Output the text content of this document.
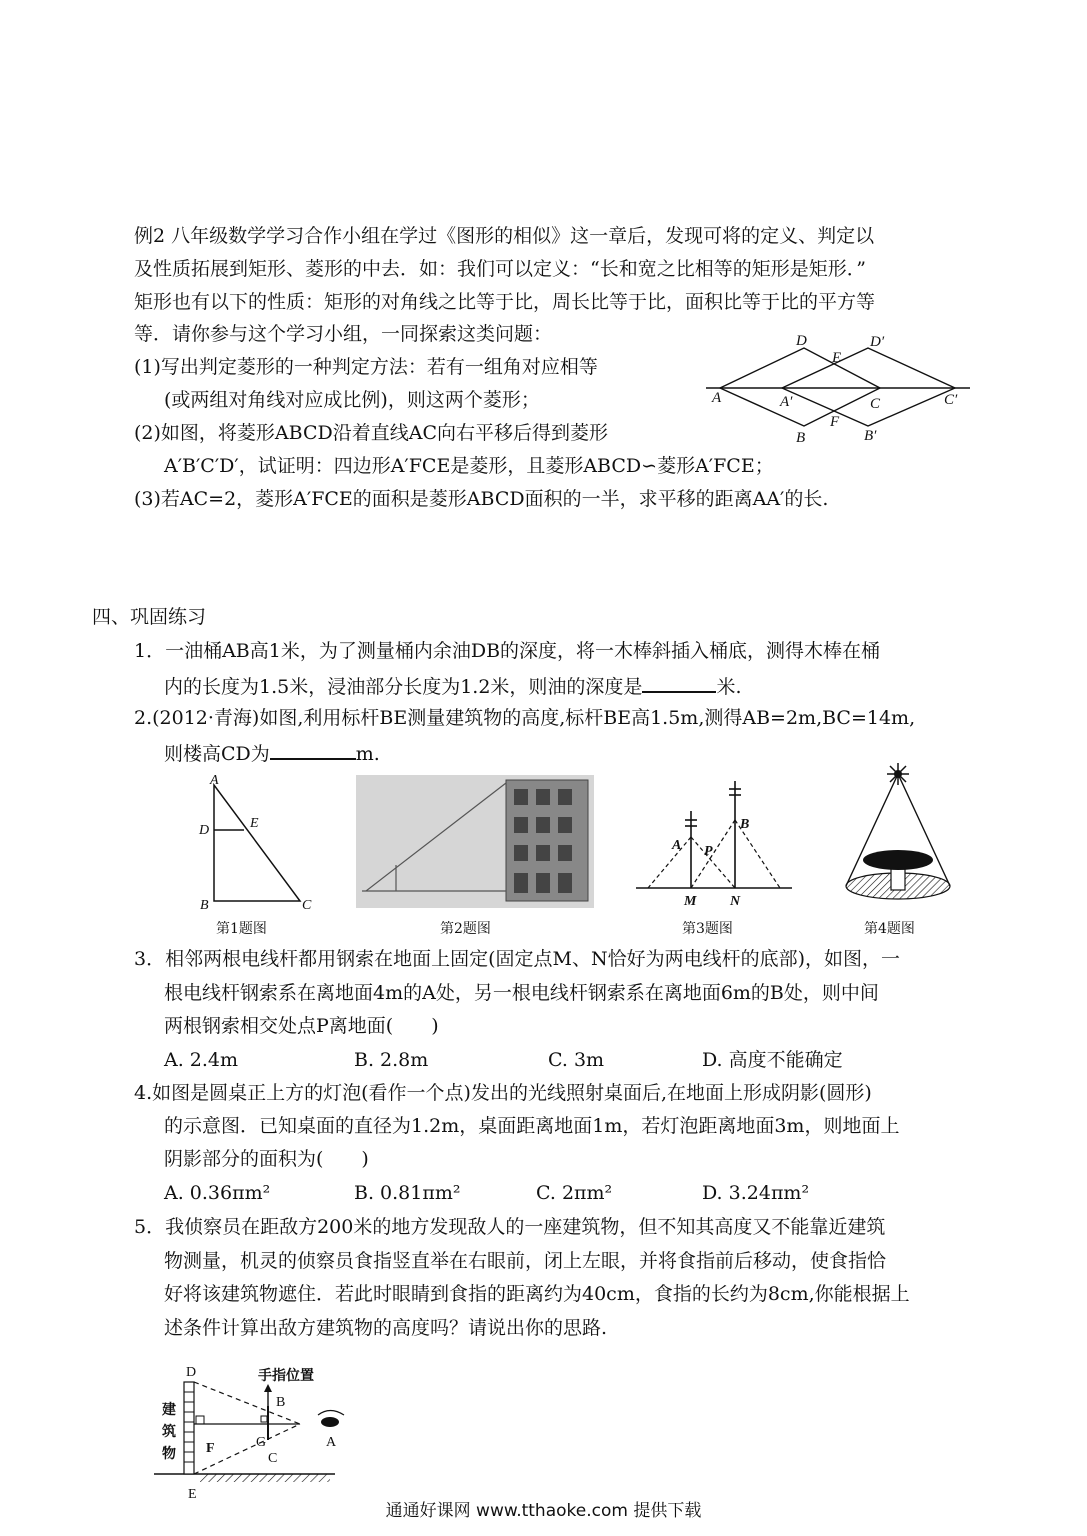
例2 八年级数学学习合作小组在学过《图形的相似》这一章后，发现可将的定义、判定以
及性质拓展到矩形、菱形的中去．如：我们可以定义：“长和宽之比相等的矩形是矩形．”
矩形也有以下的性质：矩形的对角线之比等于比，周长比等于比，面积比等于比的平方等
等．请你参与这个学习小组，一同探索这类问题：
(1)写出判定菱形的一种判定方法：若有一组角对应相等
(或两组对角线对应成比例)，则这两个菱形；
(2)如图，将菱形ABCD沿着直线AC向右平移后得到菱形
A′B′C′D′，试证明：四边形A′FCE是菱形，且菱形ABCD∽菱形A′FCE；
(3)若AC=2，菱形A′FCE的面积是菱形ABCD面积的一半，求平移的距离AA′的长.
D
E
D′
A	A′	C	C′
F
B	B′
四、巩固练习
1．一油桶AB高1米，为了测量桶内余油DB的深度，将一木棒斜插入桶底，测得木棒在桶
内的长度为1.5米，浸油部分长度为1.2米，则油的深度是	米.
2.(2012·青海)如图,利用标杆BE测量建筑物的高度,标杆BE高1.5m,测得AB=2m,BC=14m,
则楼高CD为	m.
A
D	E
B	C
第1题图	第2题图
A P
B
M N
第3题图	第4题图
3．相邻两根电线杆都用钢索在地面上固定(固定点M、N恰好为两电线杆的底部)，如图，一
根电线杆钢索系在离地面4m的A处，另一根电线杆钢索系在离地面6m的B处，则中间
两根钢索相交处点P离地面(　　)
A. 2.4m	B. 2.8m	C. 3m	D. 高度不能确定
4.如图是圆桌正上方的灯泡(看作一个点)发出的光线照射桌面后,在地面上形成阴影(圆形)
的示意图．已知桌面的直径为1.2m，桌面距离地面1m，若灯泡距离地面3m，则地面上
阴影部分的面积为(　　)
A. 0.36πm²	B. 0.81πm²	C. 2πm²	D. 3.24πm²
5．我侦察员在距敌方200米的地方发现敌人的一座建筑物，但不知其高度又不能靠近建筑
物测量，机灵的侦察员食指竖直举在右眼前，闭上左眼，并将食指前后移动，使食指恰
好将该建筑物遮住．若此时眼睛到食指的距离约为40cm，食指的长约为8cm,你能根据上
述条件计算出敌方建筑物的高度吗？请说出你的思路.
手指位置
D
B
建
筑
物 F	G
C
A
E
通通好课网 www.tthaoke.com 提供下载
